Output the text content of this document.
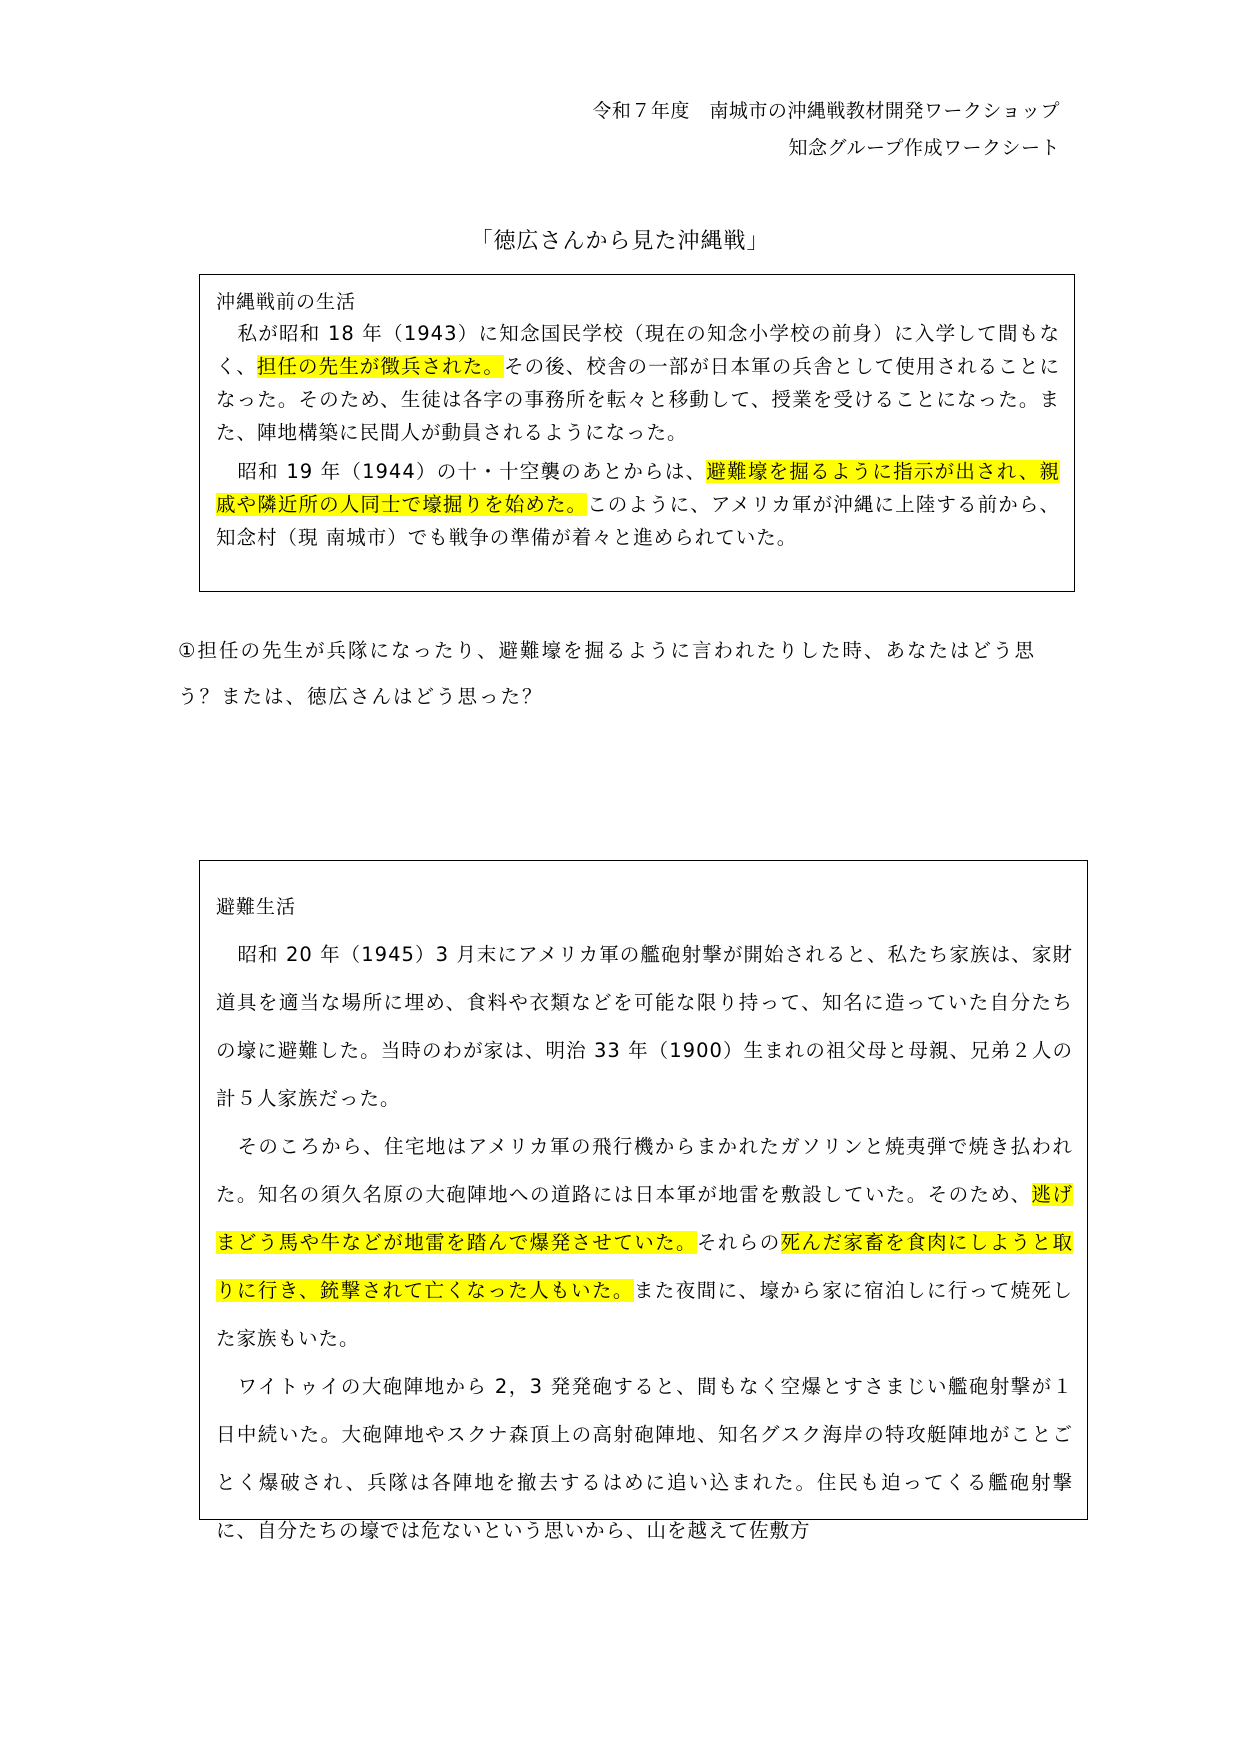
令和７年度　南城市の沖縄戦教材開発ワークショップ
知念グループ作成ワークシート
「徳広さんから見た沖縄戦」
沖縄戦前の生活

私が昭和 18 年（1943）に知念国民学校（現在の知念小学校の前身）に入学して間もなく、担任の先生が徴兵された。その後、校舎の一部が日本軍の兵舎として使用されることになった。そのため、生徒は各字の事務所を転々と移動して、授業を受けることになった。また、陣地構築に民間人が動員されるようになった。

昭和 19 年（1944）の十・十空襲のあとからは、避難壕を掘るように指示が出され、親戚や隣近所の人同士で壕掘りを始めた。このように、アメリカ軍が沖縄に上陸する前から、知念村（現 南城市）でも戦争の準備が着々と進められていた。

①担任の先生が兵隊になったり、避難壕を掘るように言われたりした時、あなたはどう思う？または、徳広さんはどう思った？
避難生活

昭和 20 年（1945）3 月末にアメリカ軍の艦砲射撃が開始されると、私たち家族は、家財道具を適当な場所に埋め、食料や衣類などを可能な限り持って、知名に造っていた自分たちの壕に避難した。当時のわが家は、明治 33 年（1900）生まれの祖父母と母親、兄弟２人の計５人家族だった。

そのころから、住宅地はアメリカ軍の飛行機からまかれたガソリンと焼夷弾で焼き払われた。知名の須久名原の大砲陣地への道路には日本軍が地雷を敷設していた。そのため、逃げまどう馬や牛などが地雷を踏んで爆発させていた。それらの死んだ家畜を食肉にしようと取りに行き、銃撃されて亡くなった人もいた。また夜間に、壕から家に宿泊しに行って焼死した家族もいた。

ワイトゥイの大砲陣地から 2，3 発発砲すると、間もなく空爆とすさまじい艦砲射撃が１日中続いた。大砲陣地やスクナ森頂上の高射砲陣地、知名グスク海岸の特攻艇陣地がことごとく爆破され、兵隊は各陣地を撤去するはめに追い込まれた。住民も迫ってくる艦砲射撃に、自分たちの壕では危ないという思いから、山を越えて佐敷方
